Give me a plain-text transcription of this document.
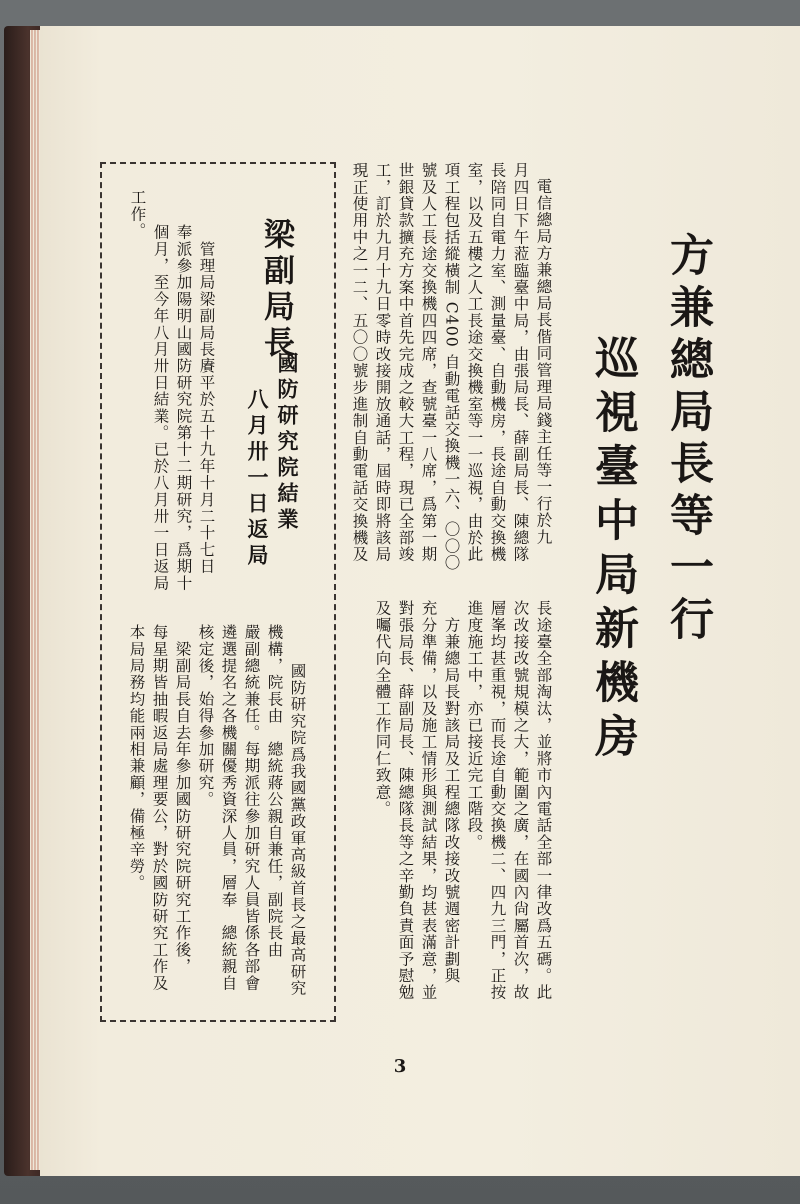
方兼總局長等一行
巡視臺中局新機房
電信總局方兼總局長偕同管理局錢主任等一行於九
月四日下午蒞臨臺中局，由張局長、薛副局長、陳總隊
長陪同自電力室、測量臺、自動機房，長途自動交換機
室，以及五樓之人工長途交換機室等一一巡視，由於此
項工程包括縱橫制 C400 自動電話交換機一六、〇〇〇
號及人工長途交換機四四席，查號臺一八席，爲第一期
世銀貸款擴充方案中首先完成之較大工程，現已全部竣
工，訂於九月十九日零時改接開放通話，屆時即將該局
現正使用中之一二、五〇〇號步進制自動電話交換機及
長途臺全部淘汰，並將市內電話全部一律改爲五碼。此
次改接改號規模之大，範圍之廣，在國內尙屬首次，故
層峯均甚重視，而長途自動交換機二、四九三門，正按
進度施工中，亦已接近完工階段。
　方兼總局長對該局及工程總隊改接改號週密計劃與
充分準備，以及施工情形與測試結果，均甚表滿意，並
對張局長、薛副局長、陳總隊長等之辛勤負責面予慰勉
及囑代向全體工作同仁致意。
梁副局長
國防研究院結業
八月卅一日返局
　管理局梁副局長賡平於五十九年十月二十七日
奉派參加陽明山國防研究院第十二期研究，爲期十
個月，至今年八月卅日結業。已於八月卅一日返局
工作。
　國防研究院爲我國黨政軍高級首長之最高研究
機構，院長由　總統蔣公親自兼任，副院長由
嚴副總統兼任。每期派往參加研究人員皆係各部會
遴選提名之各機關優秀資深人員，層奉　總統親自
核定後，始得參加研究。
　梁副局長自去年參加國防研究院研究工作後，
每星期皆抽暇返局處理要公，對於國防研究工作及
本局局務均能兩相兼顧，備極辛勞。
3
